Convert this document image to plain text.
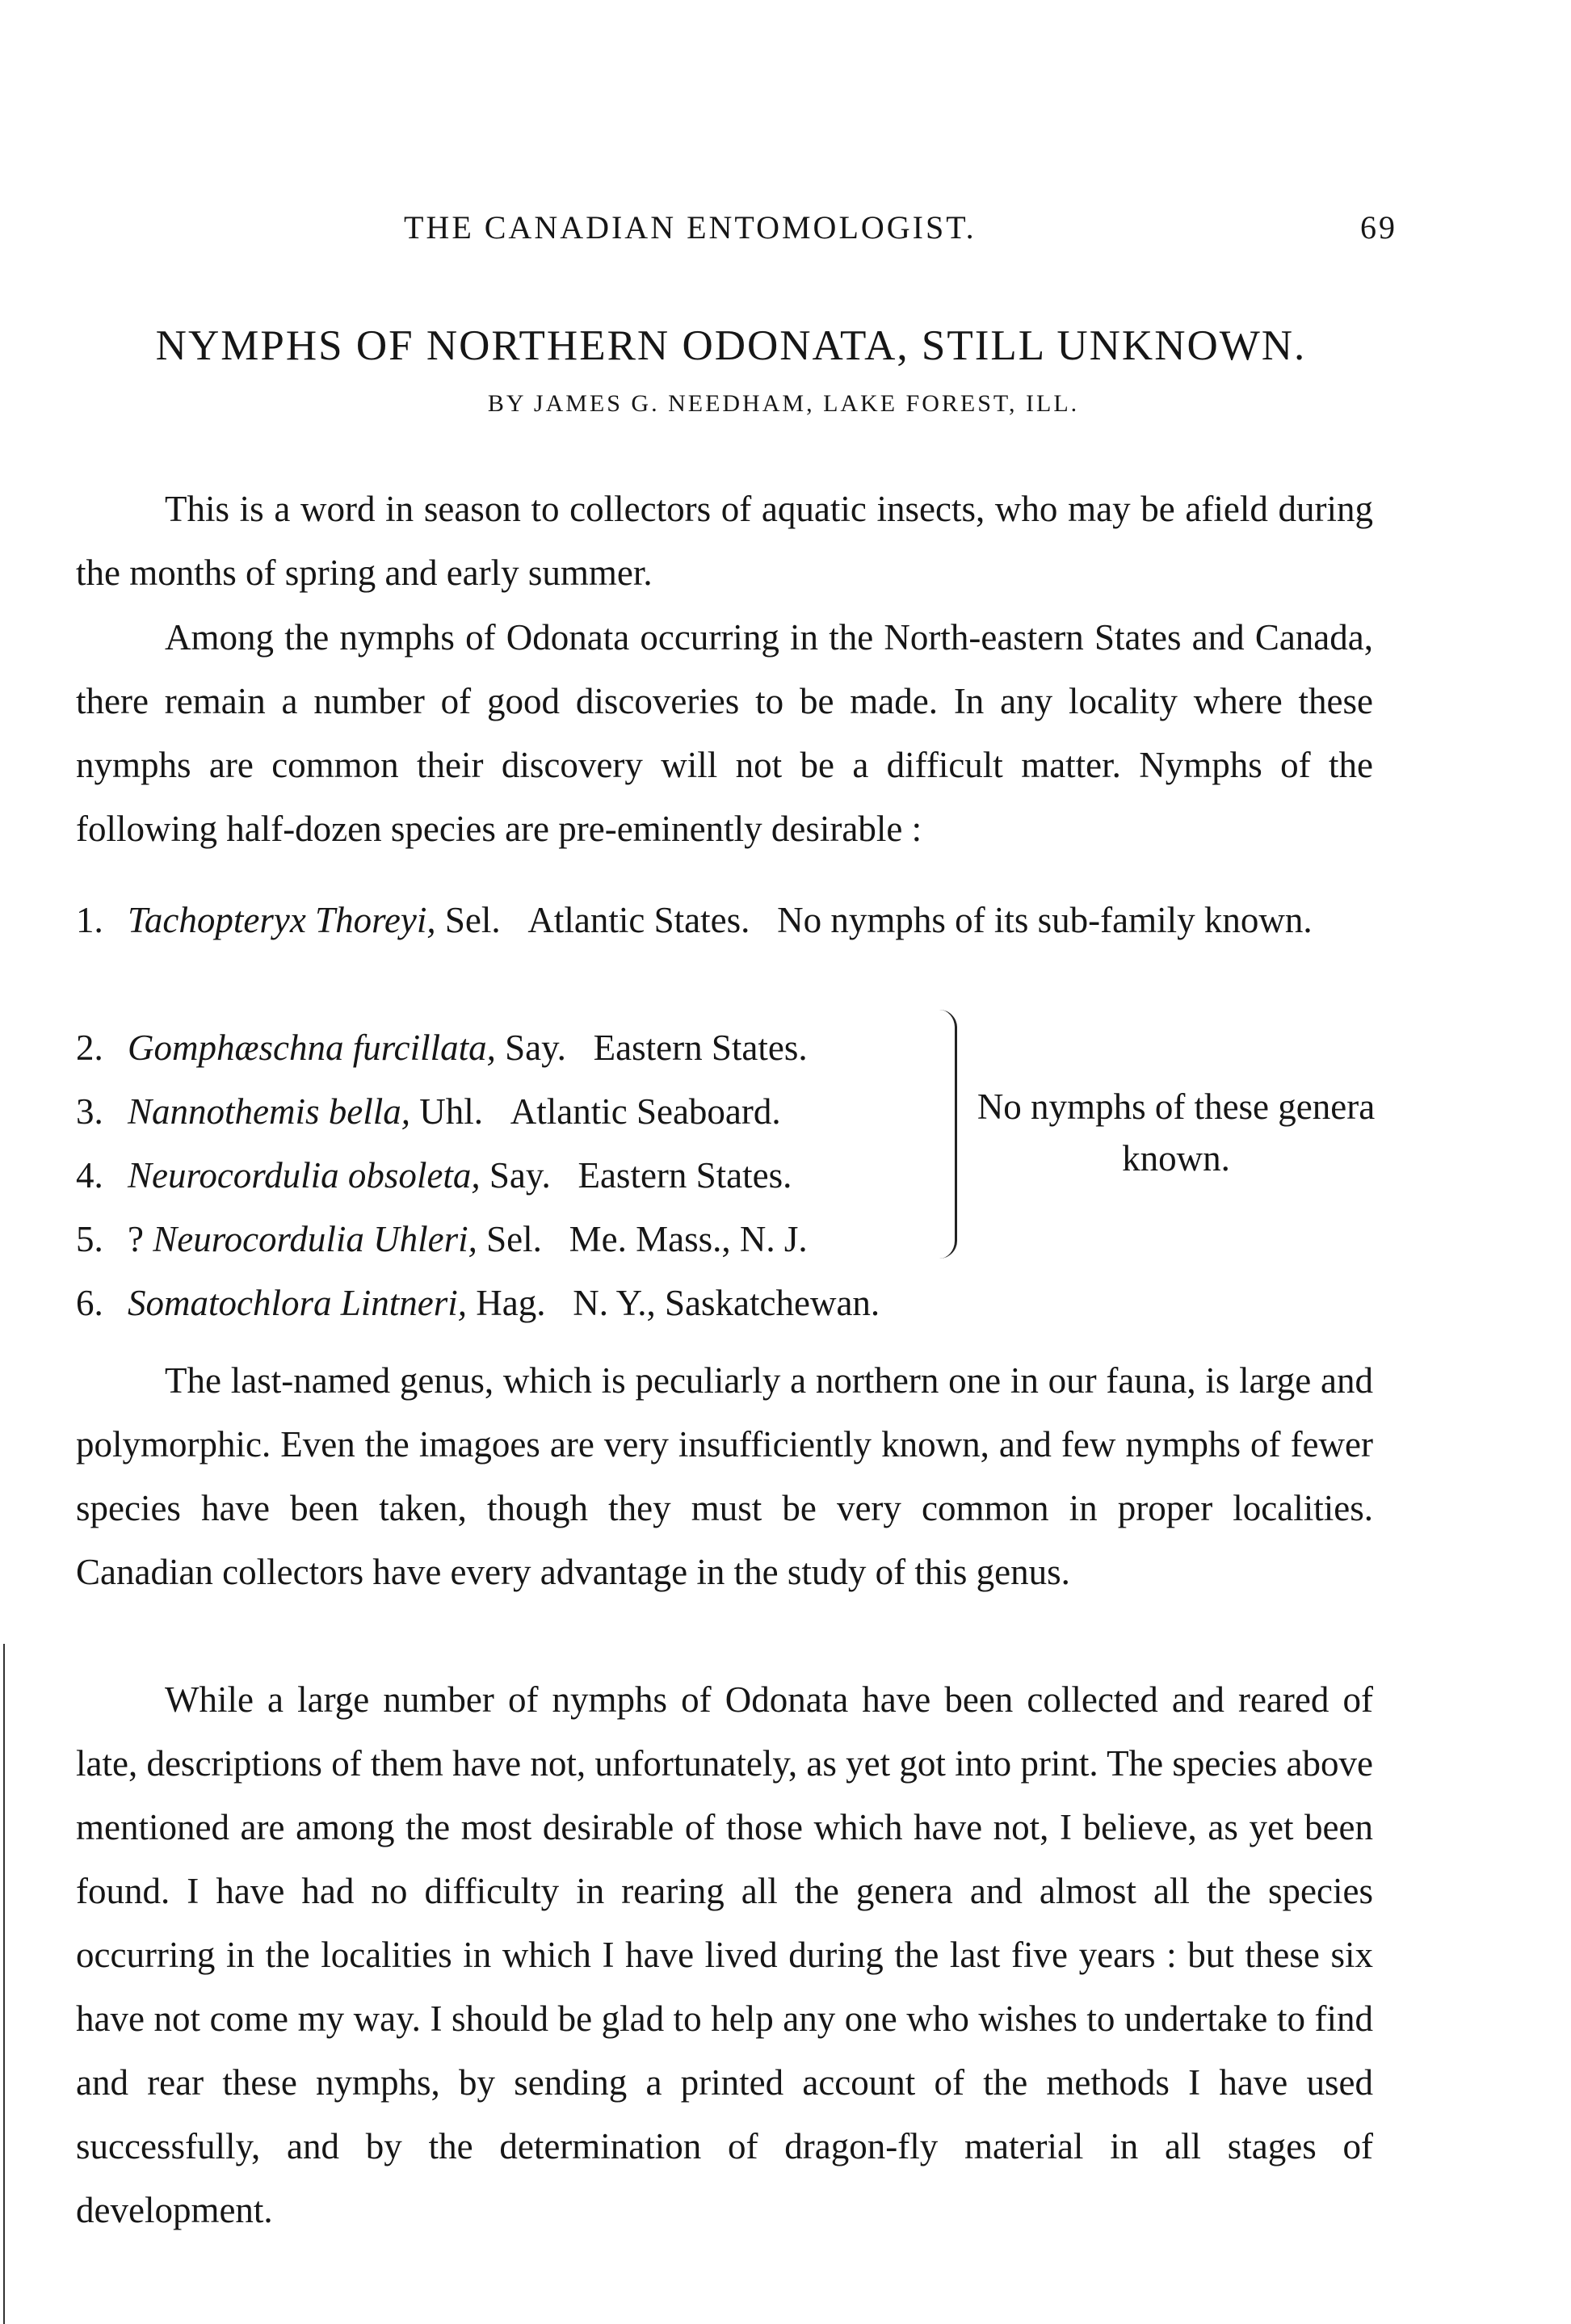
THE CANADIAN ENTOMOLOGIST.	69
NYMPHS OF NORTHERN ODONATA, STILL UNKNOWN.
BY JAMES G. NEEDHAM, LAKE FOREST, ILL.

This is a word in season to collectors of aquatic insects, who may be afield during the months of spring and early summer.

Among the nymphs of Odonata occurring in the North-eastern States and Canada, there remain a number of good discoveries to be made. In any locality where these nymphs are common their discovery will not be a difficult matter. Nymphs of the following half-dozen species are pre-eminently desirable :

1. Tachopteryx Thoreyi, Sel. Atlantic States. No nymphs of its sub-family known.
2. Gomphæschna furcillata, Say. Eastern States.
3. Nannothemis bella, Uhl. Atlantic Seaboard.
4. Neurocordulia obsoleta, Say. Eastern States.
5. ? Neurocordulia Uhleri, Sel. Me. Mass., N. J.
6. Somatochlora Lintneri, Hag. N. Y., Saskatchewan.
No nymphs of these genera known.

The last-named genus, which is peculiarly a northern one in our fauna, is large and polymorphic. Even the imagoes are very insufficiently known, and few nymphs of fewer species have been taken, though they must be very common in proper localities. Canadian collectors have every advantage in the study of this genus.

While a large number of nymphs of Odonata have been collected and reared of late, descriptions of them have not, unfortunately, as yet got into print. The species above mentioned are among the most desirable of those which have not, I believe, as yet been found. I have had no difficulty in rearing all the genera and almost all the species occurring in the localities in which I have lived during the last five years : but these six have not come my way. I should be glad to help any one who wishes to undertake to find and rear these nymphs, by sending a printed account of the methods I have used successfully, and by the determination of dragon-fly material in all stages of development.
